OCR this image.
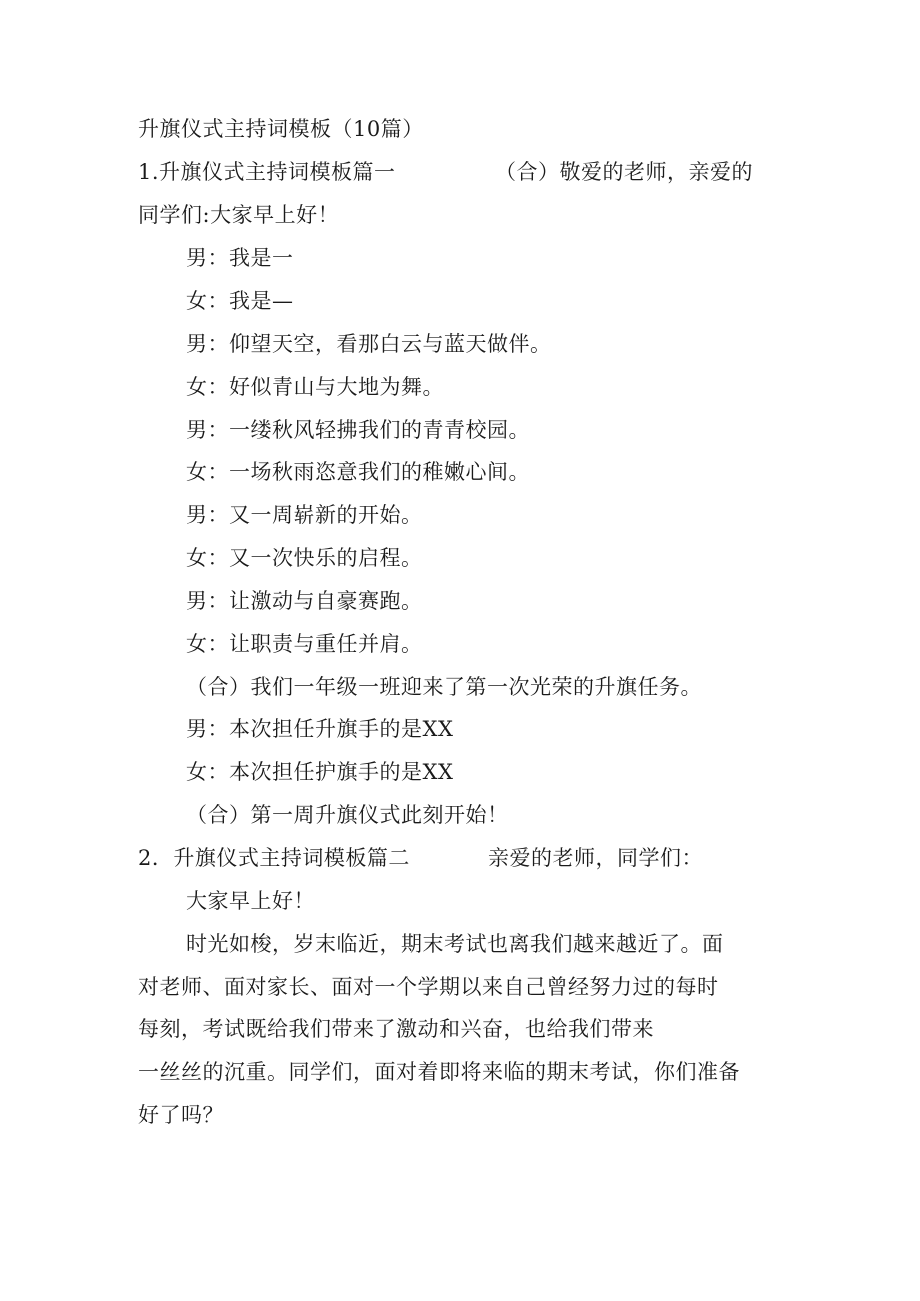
升旗仪式主持词模板（10篇）
1.升旗仪式主持词模板篇一	（合）敬爱的老师，亲爱的
同学们:大家早上好！
男：我是一
女：我是—
男：仰望天空，看那白云与蓝天做伴。
女：好似青山与大地为舞。
男：一缕秋风轻拂我们的青青校园。
女：一场秋雨恣意我们的稚嫩心间。
男：又一周崭新的开始。
女：又一次快乐的启程。
男：让激动与自豪赛跑。
女：让职责与重任并肩。
（合）我们一年级一班迎来了第一次光荣的升旗任务。
男：本次担任升旗手的是XX
女：本次担任护旗手的是XX
（合）第一周升旗仪式此刻开始！
2．升旗仪式主持词模板篇二	亲爱的老师，同学们：
大家早上好！
时光如梭，岁末临近，期末考试也离我们越来越近了。面
对老师、面对家长、面对一个学期以来自己曾经努力过的每时
每刻，考试既给我们带来了激动和兴奋，也给我们带来
一丝丝的沉重。同学们，面对着即将来临的期末考试，你们准备
好了吗？
